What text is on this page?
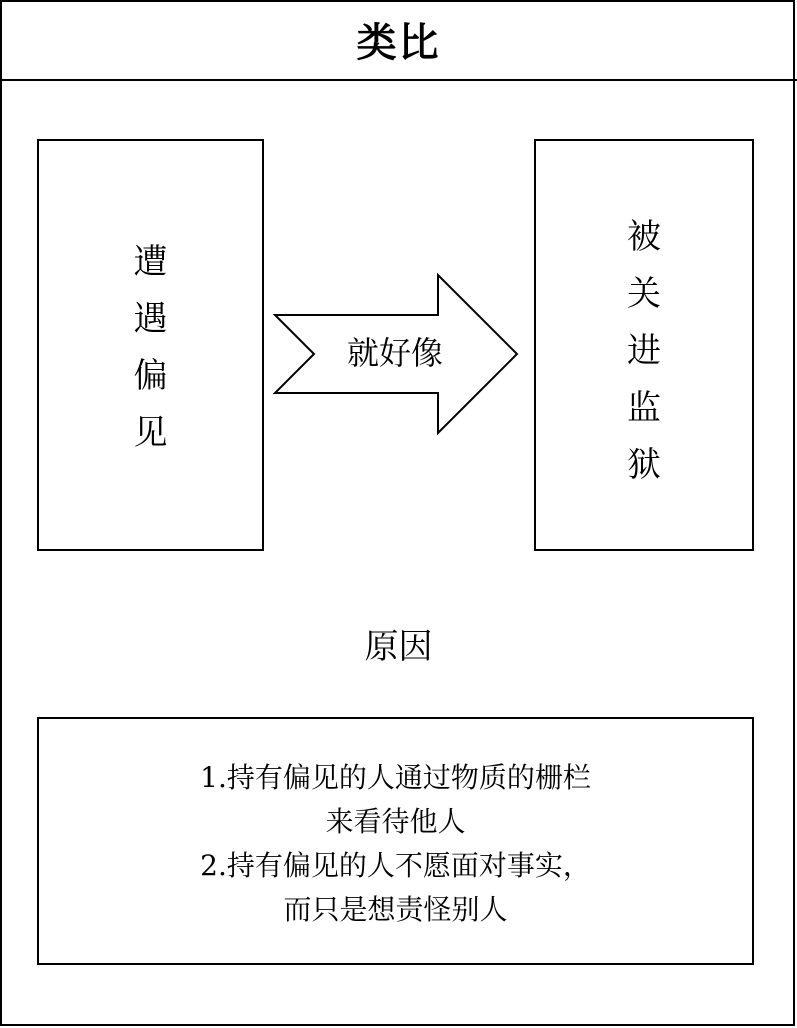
类比
遭
遇
偏
见
就好像
被
关
进
监
狱
原因
1.持有偏见的人通过物质的栅栏
来看待他人
2.持有偏见的人不愿面对事实，
而只是想责怪别人
